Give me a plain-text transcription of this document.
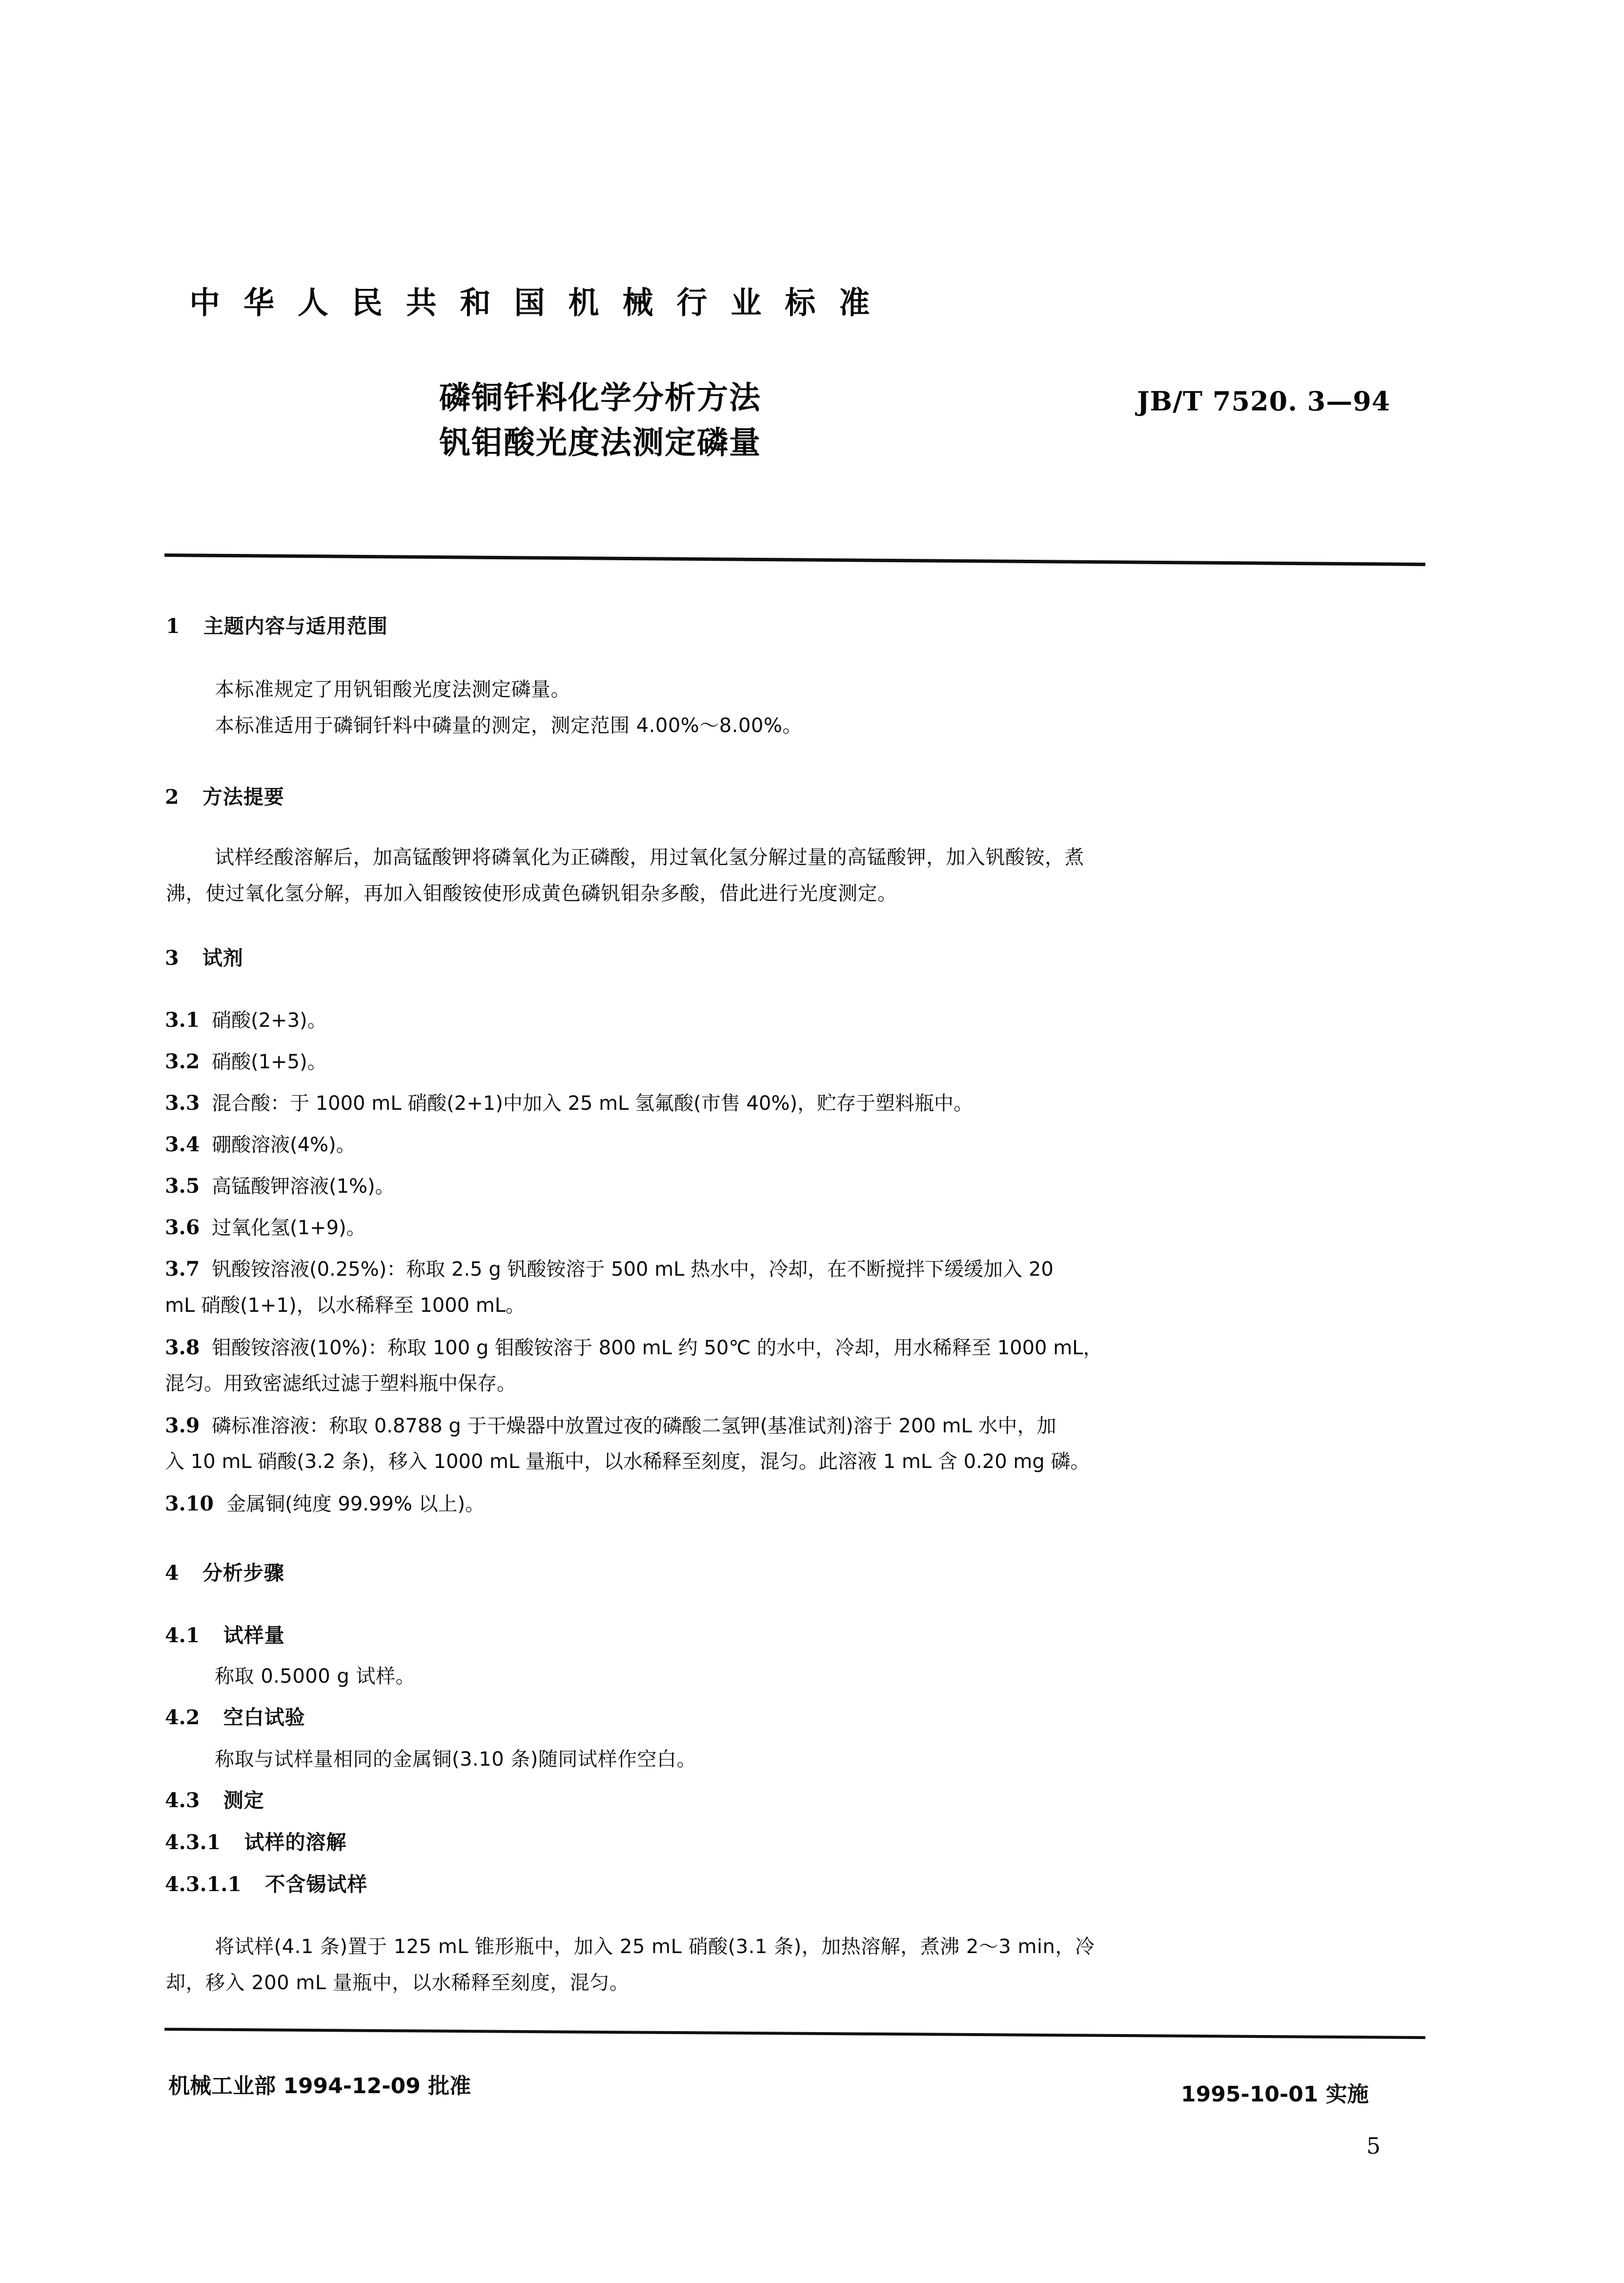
中 华 人 民 共 和 国 机 械 行 业 标 准
磷铜钎料化学分析方法
钒钼酸光度法测定磷量
JB/T 7520. 3—94
1 主题内容与适用范围
本标准规定了用钒钼酸光度法测定磷量。
本标准适用于磷铜钎料中磷量的测定，测定范围 4.00%～8.00%。
2 方法提要
试样经酸溶解后，加高锰酸钾将磷氧化为正磷酸，用过氧化氢分解过量的高锰酸钾，加入钒酸铵，煮
沸，使过氧化氢分解，再加入钼酸铵使形成黄色磷钒钼杂多酸，借此进行光度测定。
3 试剂
3.1 硝酸(2+3)。
3.2 硝酸(1+5)。
3.3 混合酸：于 1000 mL 硝酸(2+1)中加入 25 mL 氢氟酸(市售 40%)，贮存于塑料瓶中。
3.4 硼酸溶液(4%)。
3.5 高锰酸钾溶液(1%)。
3.6 过氧化氢(1+9)。
3.7 钒酸铵溶液(0.25%)：称取 2.5 g 钒酸铵溶于 500 mL 热水中，冷却，在不断搅拌下缓缓加入 20
mL 硝酸(1+1)，以水稀释至 1000 mL。
3.8 钼酸铵溶液(10%)：称取 100 g 钼酸铵溶于 800 mL 约 50℃ 的水中，冷却，用水稀释至 1000 mL，
混匀。用致密滤纸过滤于塑料瓶中保存。
3.9 磷标准溶液：称取 0.8788 g 于干燥器中放置过夜的磷酸二氢钾(基准试剂)溶于 200 mL 水中，加
入 10 mL 硝酸(3.2 条)，移入 1000 mL 量瓶中，以水稀释至刻度，混匀。此溶液 1 mL 含 0.20 mg 磷。
3.10 金属铜(纯度 99.99% 以上)。
4 分析步骤
4.1 试样量
称取 0.5000 g 试样。
4.2 空白试验
称取与试样量相同的金属铜(3.10 条)随同试样作空白。
4.3 测定
4.3.1 试样的溶解
4.3.1.1 不含锡试样
将试样(4.1 条)置于 125 mL 锥形瓶中，加入 25 mL 硝酸(3.1 条)，加热溶解，煮沸 2～3 min，冷
却，移入 200 mL 量瓶中，以水稀释至刻度，混匀。
机械工业部 1994-12-09 批准	1995-10-01 实施
5
